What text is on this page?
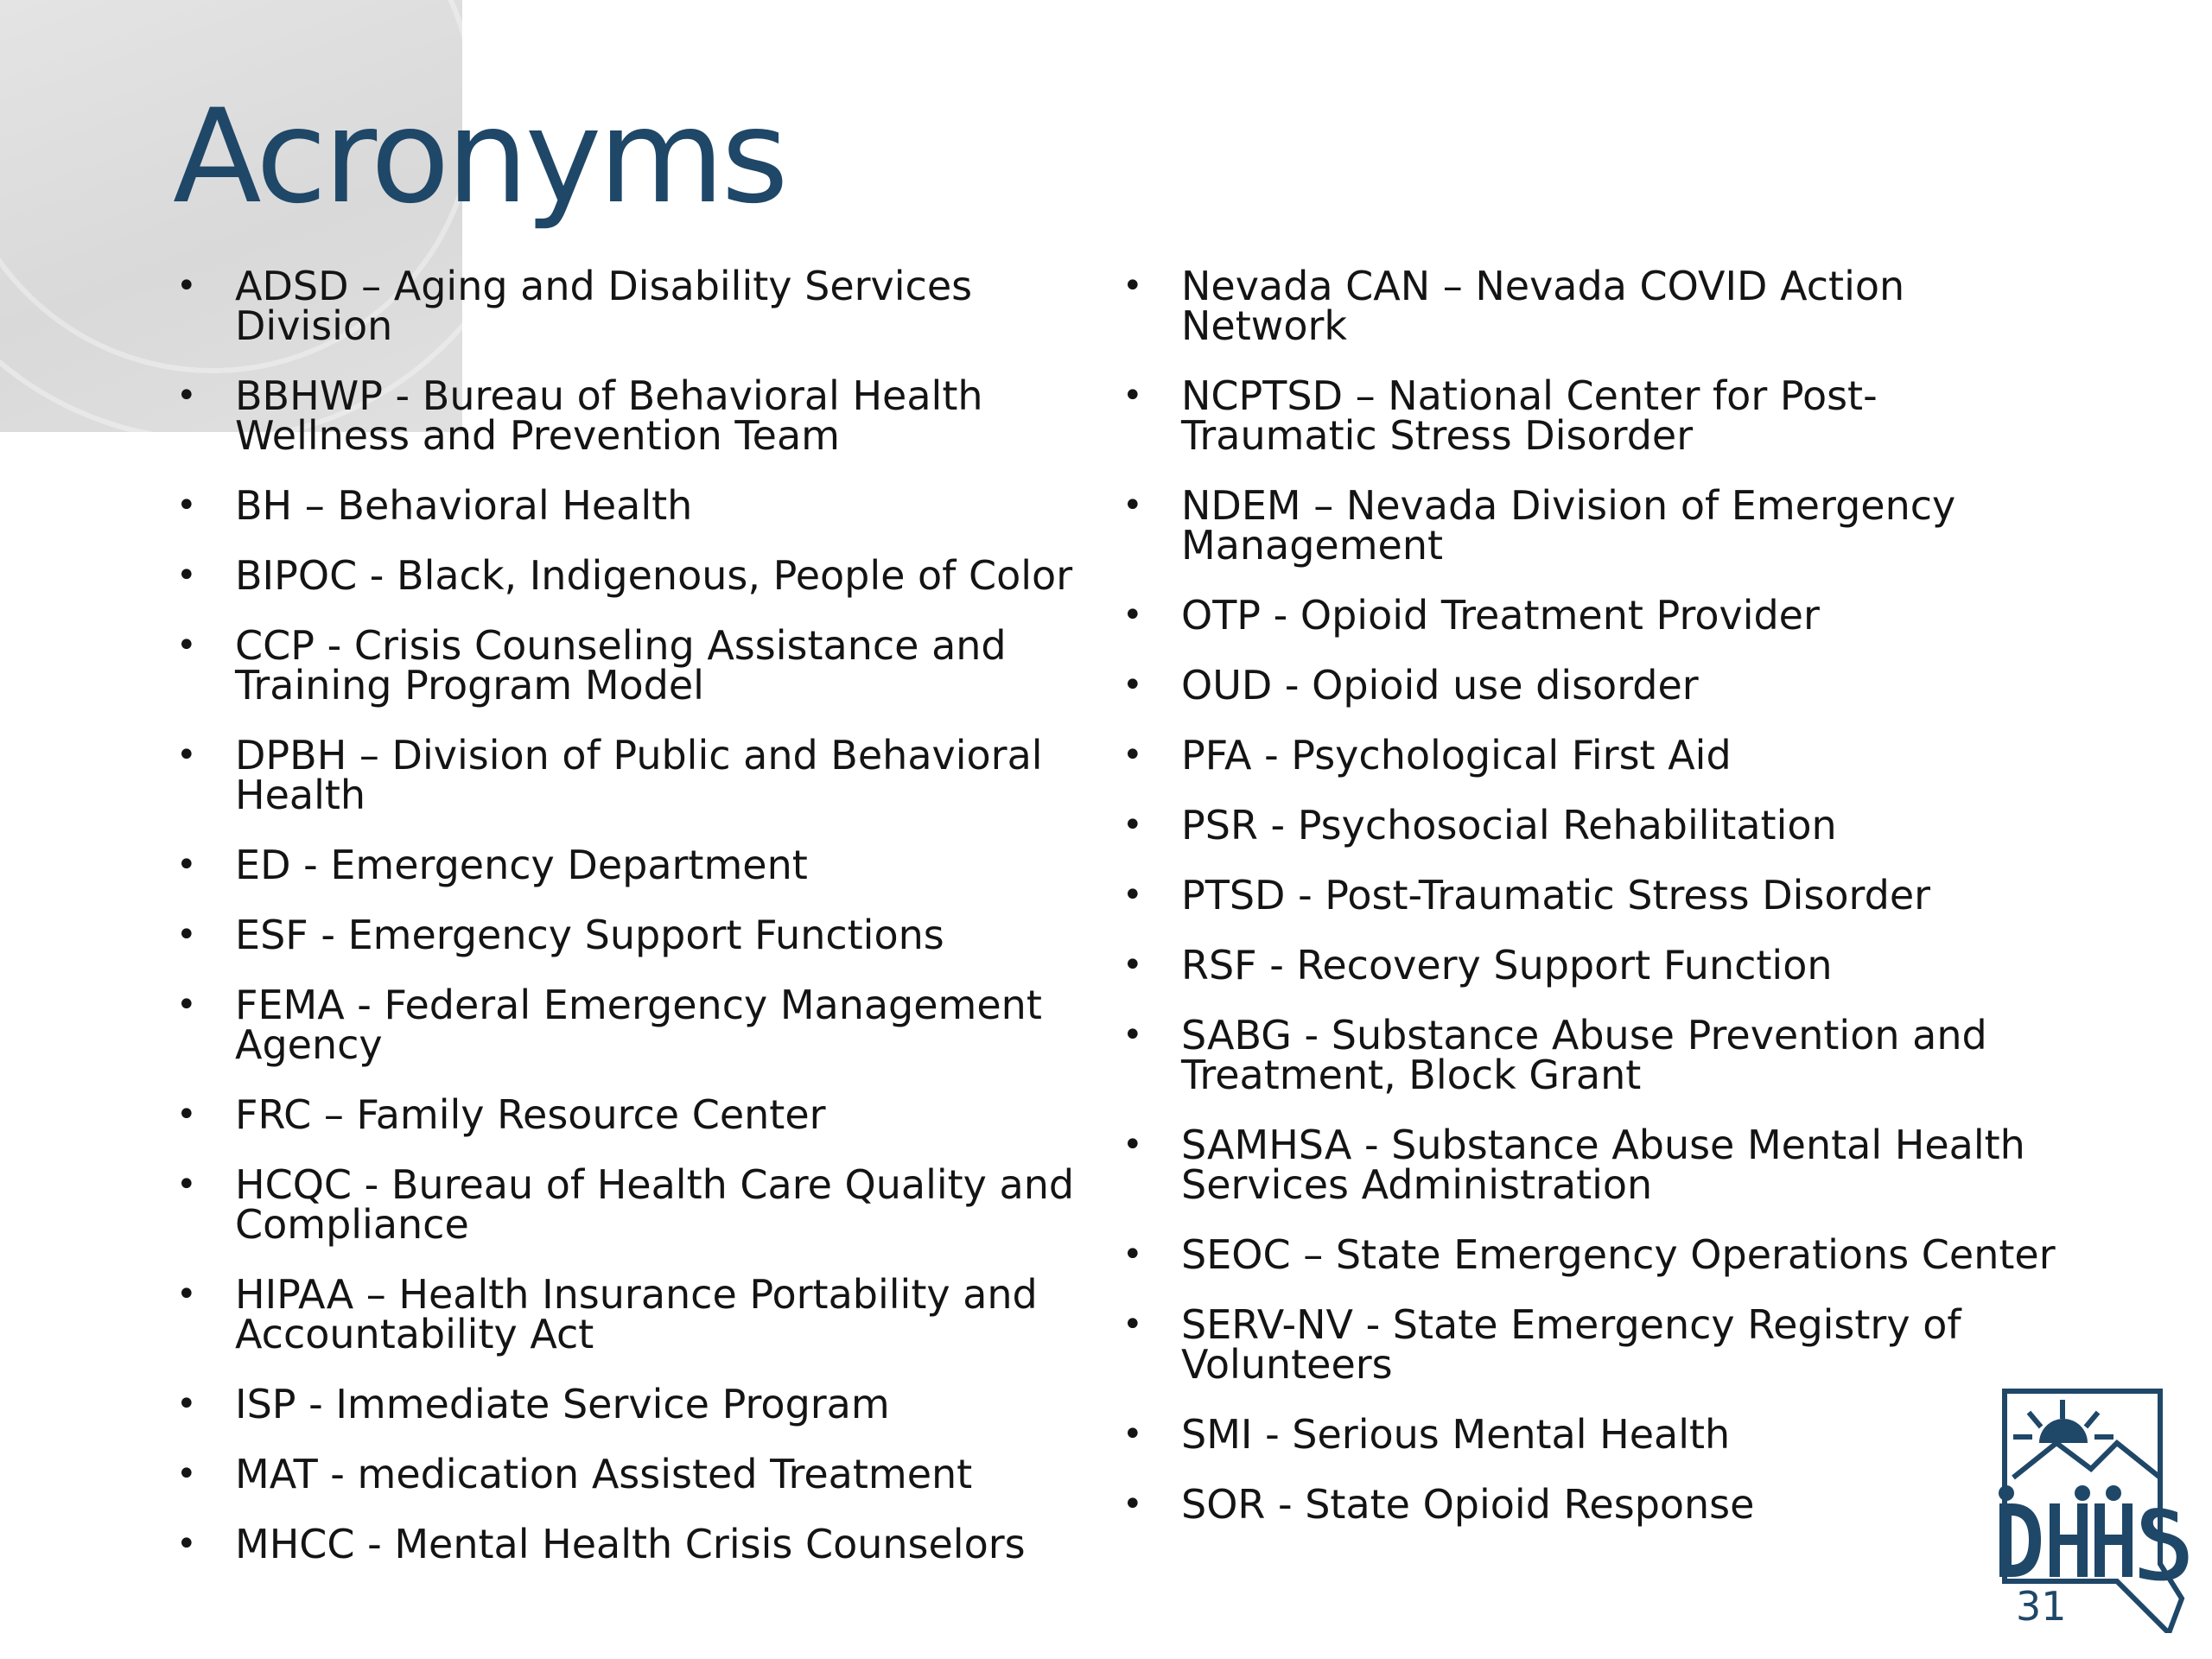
Acronyms
• ADSD – Aging and Disability Services Division
• BBHWP - Bureau of Behavioral Health Wellness and Prevention Team
• BH – Behavioral Health
• BIPOC - Black, Indigenous, People of Color
• CCP - Crisis Counseling Assistance and Training Program Model
• DPBH – Division of Public and Behavioral Health
• ED - Emergency Department
• ESF - Emergency Support Functions
• FEMA - Federal Emergency Management Agency
• FRC – Family Resource Center
• HCQC - Bureau of Health Care Quality and Compliance
• HIPAA – Health Insurance Portability and Accountability Act
• ISP - Immediate Service Program
• MAT - medication Assisted Treatment
• MHCC - Mental Health Crisis Counselors
• Nevada CAN – Nevada COVID Action Network
• NCPTSD – National Center for Post-Traumatic Stress Disorder
• NDEM – Nevada Division of Emergency Management
• OTP - Opioid Treatment Provider
• OUD - Opioid use disorder
• PFA - Psychological First Aid
• PSR - Psychosocial Rehabilitation
• PTSD - Post-Traumatic Stress Disorder
• RSF - Recovery Support Function
• SABG - Substance Abuse Prevention and Treatment, Block Grant
• SAMHSA - Substance Abuse Mental Health Services Administration
• SEOC – State Emergency Operations Center
• SERV-NV - State Emergency Registry of Volunteers
• SMI - Serious Mental Health
• SOR - State Opioid Response
31
